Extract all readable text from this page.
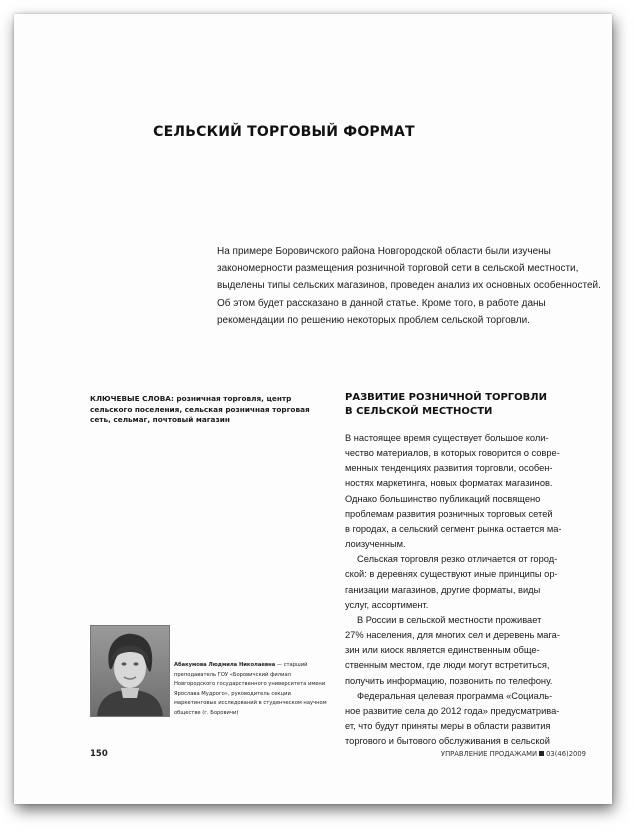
СЕЛЬСКИЙ ТОРГОВЫЙ ФОРМАТ

На примере Боровичского района Новгородской области были изучены закономерности размещения розничной торговой сети в сельской местности, выделены типы сельских магазинов, проведен анализ их основных особенностей. Об этом будет рассказано в данной статье. Кроме того, в работе даны рекомендации по решению некоторых проблем сельской торговли.

КЛЮЧЕВЫЕ СЛОВА: розничная торговля, центр сельского поселения, сельская розничная торговая сеть, сельмаг, почтовый магазин

РАЗВИТИЕ РОЗНИЧНОЙ ТОРГОВЛИ
В СЕЛЬСКОЙ МЕСТНОСТИ
В настоящее время существует большое коли-
чество материалов, в которых говорится о совре-
менных тенденциях развития торговли, особен-
ностях маркетинга, новых форматах магазинов.
Однако большинство публикаций посвящено
проблемам развития розничных торговых сетей
в городах, а сельский сегмент рынка остается ма-
лоизученным.
Сельская торговля резко отличается от город-
ской: в деревнях существуют иные принципы ор-
ганизации магазинов, другие форматы, виды
услуг, ассортимент.
В России в сельской местности проживает
27% населения, для многих сел и деревень мага-
зин или киоск является единственным обще-
ственным местом, где люди могут встретиться,
получить информацию, позвонить по телефону.
Федеральная целевая программа «Социаль-
ное развитие села до 2012 года» предусматрива-
ет, что будут приняты меры в области развития
торгового и бытового обслуживания в сельской

Абакумова Людмила Николаевна — старший преподаватель ГОУ «Боровичский филиал Новгородского государственного университета имени Ярослава Мудрого», руководитель секции маркетинговых исследований в студенческом научном обществе (г. Боровичи)

150	УПРАВЛЕНИЕ ПРОДАЖАМИ 03(46)2009
